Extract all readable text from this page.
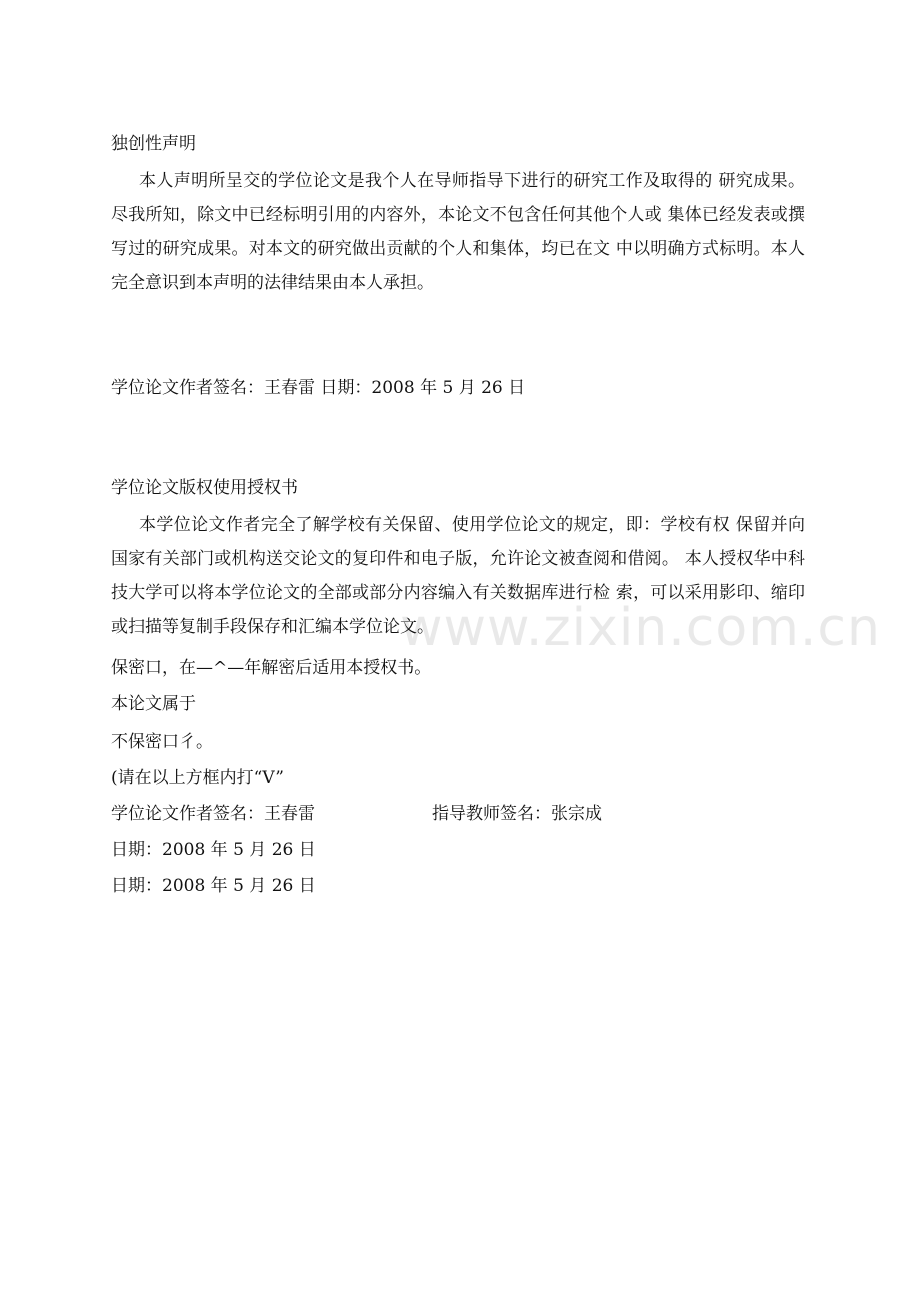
www.zixin.com.cn
独创性声明
本人声明所呈交的学位论文是我个人在导师指导下进行的研究工作及取得的 研究成果。尽我所知，除文中已经标明引用的内容外，本论文不包含任何其他个人或 集体已经发表或撰写过的研究成果。对本文的研究做出贡献的个人和集体，均已在文 中以明确方式标明。本人完全意识到本声明的法律结果由本人承担。
学位论文作者签名：王春雷 日期：2008 年 5 月 26 日
学位论文版权使用授权书
本学位论文作者完全了解学校有关保留、使用学位论文的规定，即：学校有权 保留并向国家有关部门或机构送交论文的复印件和电子版，允许论文被查阅和借阅。 本人授权华中科技大学可以将本学位论文的全部或部分内容编入有关数据库进行检 索，可以采用影印、缩印或扫描等复制手段保存和汇编本学位论文。
保密口，在—^—年解密后适用本授权书。
本论文属于
不保密口彳。
(请在以上方框内打“V”
学位论文作者签名：王春雷	指导教师签名：张宗成
日期：2008 年 5 月 26 日
日期：2008 年 5 月 26 日
